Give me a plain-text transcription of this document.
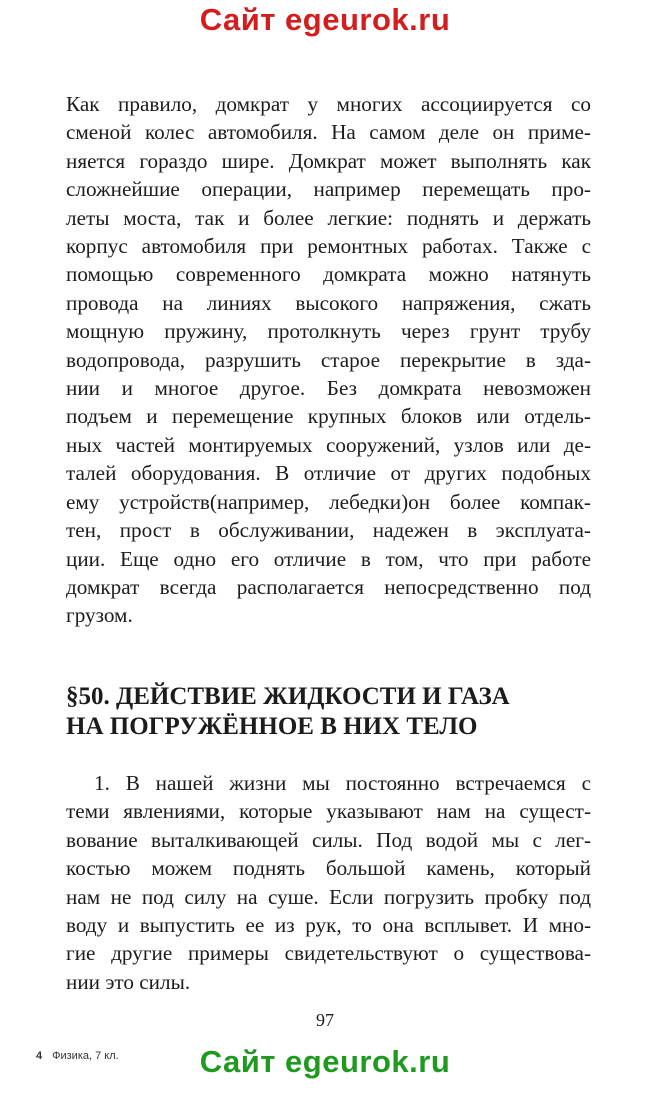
Сайт egeurok.ru

Как правило, домкрат у многих ассоциируется со
сменой колес автомобиля. На самом деле он приме-
няется гораздо шире. Домкрат может выполнять как
сложнейшие операции, например перемещать про-
леты моста, так и более легкие: поднять и держать
корпус автомобиля при ремонтных работах. Также с
помощью современного домкрата можно натянуть
провода на линиях высокого напряжения, сжать
мощную пружину, протолкнуть через грунт трубу
водопровода, разрушить старое перекрытие в зда-
нии и многое другое. Без домкрата невозможен
подъем и перемещение крупных блоков или отдель-
ных частей монтируемых сооружений, узлов или де-
талей оборудования. В отличие от других подобных
ему устройств(например, лебедки)он более компак-
тен, прост в обслуживании, надежен в эксплуата-
ции. Еще одно его отличие в том, что при работе
домкрат всегда располагается непосредственно под
грузом.
§50. ДЕЙСТВИЕ ЖИДКОСТИ И ГАЗА
НА ПОГРУЖЁННОЕ В НИХ ТЕЛО
1. В нашей жизни мы постоянно встречаемся с
теми явлениями, которые указывают нам на сущест-
вование выталкивающей силы. Под водой мы с лег-
костью можем поднять большой камень, который
нам не под силу на суше. Если погрузить пробку под
воду и выпустить ее из рук, то она всплывет. И мно-
гие другие примеры свидетельствуют о существова-
нии это силы.

97

4 Физика, 7 кл.	Сайт egeurok.ru
